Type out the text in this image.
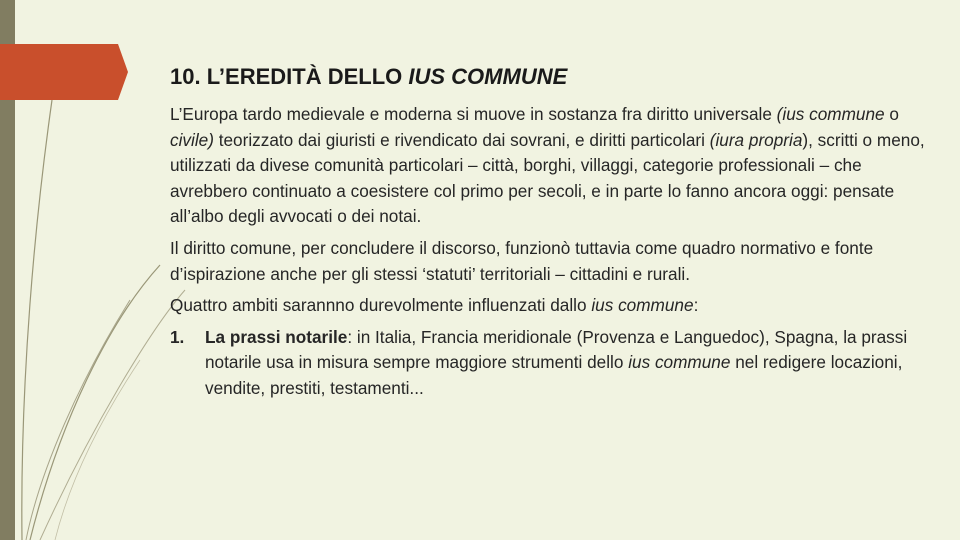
10. L’EREDITÀ DELLO IUS COMMUNE

L’Europa tardo medievale e moderna si muove in sostanza fra diritto universale (ius commune o civile) teorizzato dai giuristi e rivendicato dai sovrani, e diritti particolari (iura propria), scritti o meno, utilizzati da divese comunità particolari – città, borghi, villaggi, categorie professionali – che avrebbero continuato a coesistere col primo per secoli, e in parte lo fanno ancora oggi: pensate all’albo degli avvocati o dei notai.

Il diritto comune, per concludere il discorso, funzionò tuttavia come quadro normativo e fonte d’ispirazione anche per gli stessi ‘statuti’ territoriali – cittadini e rurali.

Quattro ambiti sarannno durevolmente influenzati dallo ius commune:

1. La prassi notarile: in Italia, Francia meridionale (Provenza e Languedoc), Spagna, la prassi notarile usa in misura sempre maggiore strumenti dello ius commune nel redigere locazioni, vendite, prestiti, testamenti...
